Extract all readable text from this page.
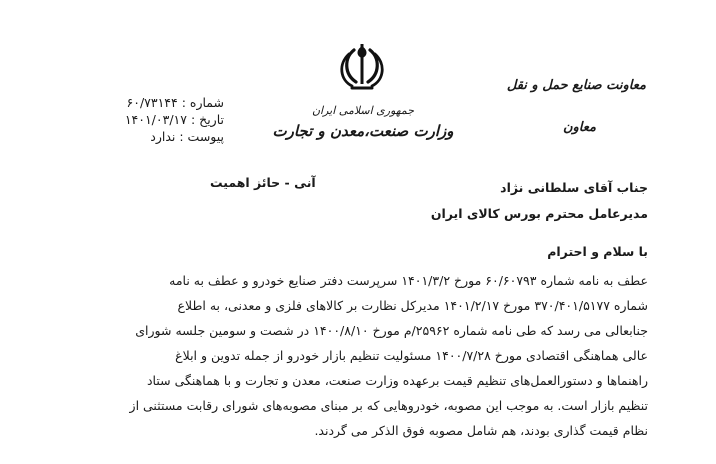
جمهوری اسلامی ایران
وزارت صنعت،معدن و تجارت
معاونت صنایع حمل و نقل
معاون
شماره : ۶۰/۷۳۱۴۴
تاریخ : ۱۴۰۱/۰۳/۱۷
پیوست : ندارد
جناب آقای سلطانی نژاد
مدیرعامل محترم بورس کالای ایران
آنی - حائز اهمیت
با سلام و احترام
عطف به نامه شماره ۶۰/۶۰۷۹۳ مورخ ۱۴۰۱/۳/۲ سرپرست دفتر صنایع خودرو و عطف به نامه
شماره ۳۷۰/۴۰۱/۵۱۷۷ مورخ ۱۴۰۱/۲/۱۷ مدیرکل نظارت بر کالاهای فلزی و معدنی، به اطلاع
جنابعالی می رسد که طی نامه شماره ۲۵۹۶۲/م مورخ ۱۴۰۰/۸/۱۰ در شصت و سومین جلسه شورای
عالی هماهنگی اقتصادی مورخ ۱۴۰۰/۷/۲۸ مسئولیت تنظیم بازار خودرو از جمله تدوین و ابلاغ
راهنماها و دستورالعمل‌های تنظیم قیمت برعهده وزارت صنعت، معدن و تجارت و با هماهنگی ستاد
تنظیم بازار است. به موجب این مصوبه، خودروهایی که بر مبنای مصوبه‌های شورای رقابت مستثنی از
نظام قیمت گذاری بودند، هم شامل مصوبه فوق الذکر می گردند.
